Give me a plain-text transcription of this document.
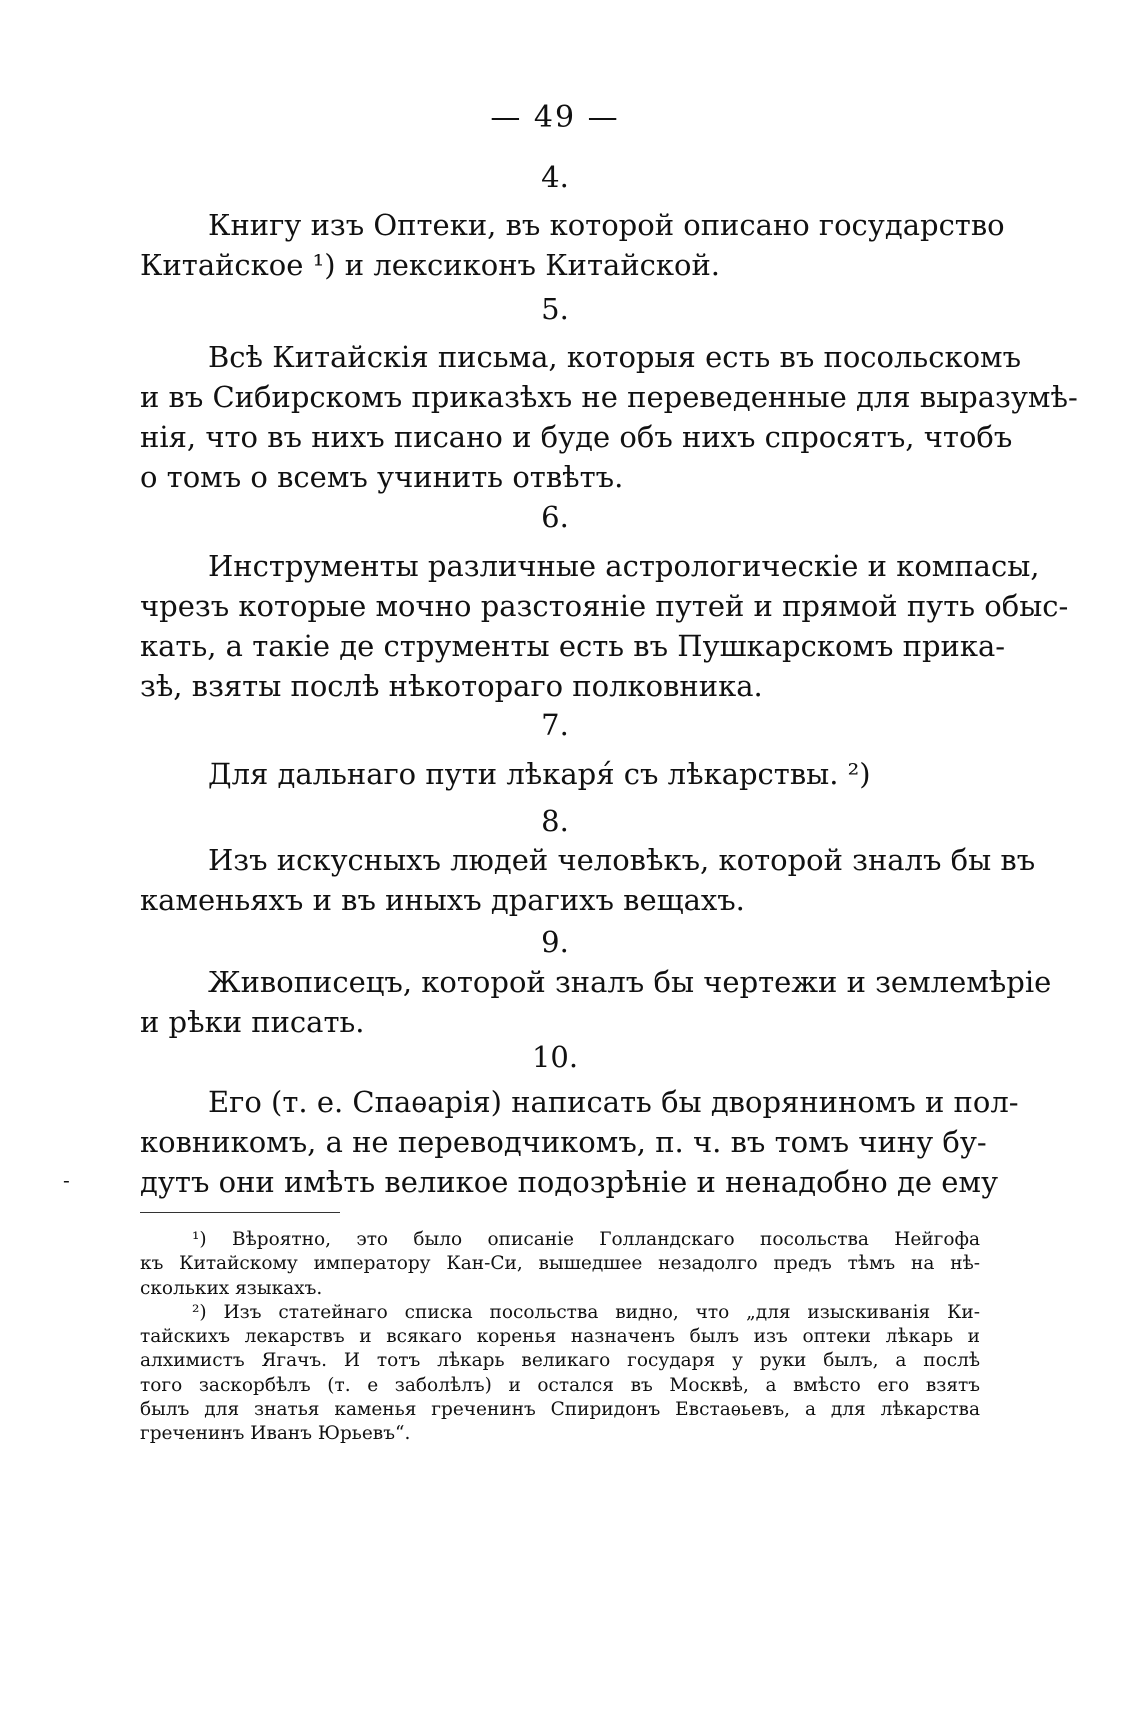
— 49 —
4.
Книгу изъ Оптеки, въ которой описано государство
Китайское ¹) и лексиконъ Китайской.
5.
Всѣ Китайскія письма, которыя есть въ посольскомъ
и въ Сибирскомъ приказѣхъ не переведенные для выразумѣ-
нія, что въ нихъ писано и буде объ нихъ спросятъ, чтобъ
о томъ о всемъ учинить отвѣтъ.
6.
Инструменты различные астрологическіе и компасы,
чрезъ которые мочно разстояніе путей и прямой путь обыс-
кать, а такіе де струменты есть въ Пушкарскомъ прика-
зѣ, взяты послѣ нѣкотораго полковника.
7.
Для дальнаго пути лѣкаря́ съ лѣкарствы. ²)
8.
Изъ искусныхъ людей человѣкъ, которой зналъ бы въ
каменьяхъ и въ иныхъ драгихъ вещахъ.
9.
Живописецъ, которой зналъ бы чертежи и землемѣріе
и рѣки писать.
10.
Его (т. е. Спаѳарія) написать бы дворяниномъ и пол-
ковникомъ, а не переводчикомъ, п. ч. въ томъ чину бу-
дутъ они имѣть великое подозрѣніе и ненадобно де ему
-
¹) Вѣроятно, это было описаніе Голландскаго посольства Нейгофа
къ Китайскому императору Кан-Си, вышедшее незадолго предъ тѣмъ на нѣ-
скольких языкахъ.
²) Изъ статейнаго списка посольства видно, что „для изыскиванія Ки-
тайскихъ лекарствъ и всякаго коренья назначенъ былъ изъ оптеки лѣкарь и
алхимистъ Ягачъ. И тотъ лѣкарь великаго государя у руки былъ, а послѣ
того заскорбѣлъ (т. е заболѣлъ) и остался въ Москвѣ, а вмѣсто его взятъ
былъ для знатья каменья греченинъ Спиридонъ Евстаѳьевъ, а для лѣкарства
греченинъ Иванъ Юрьевъ“.
